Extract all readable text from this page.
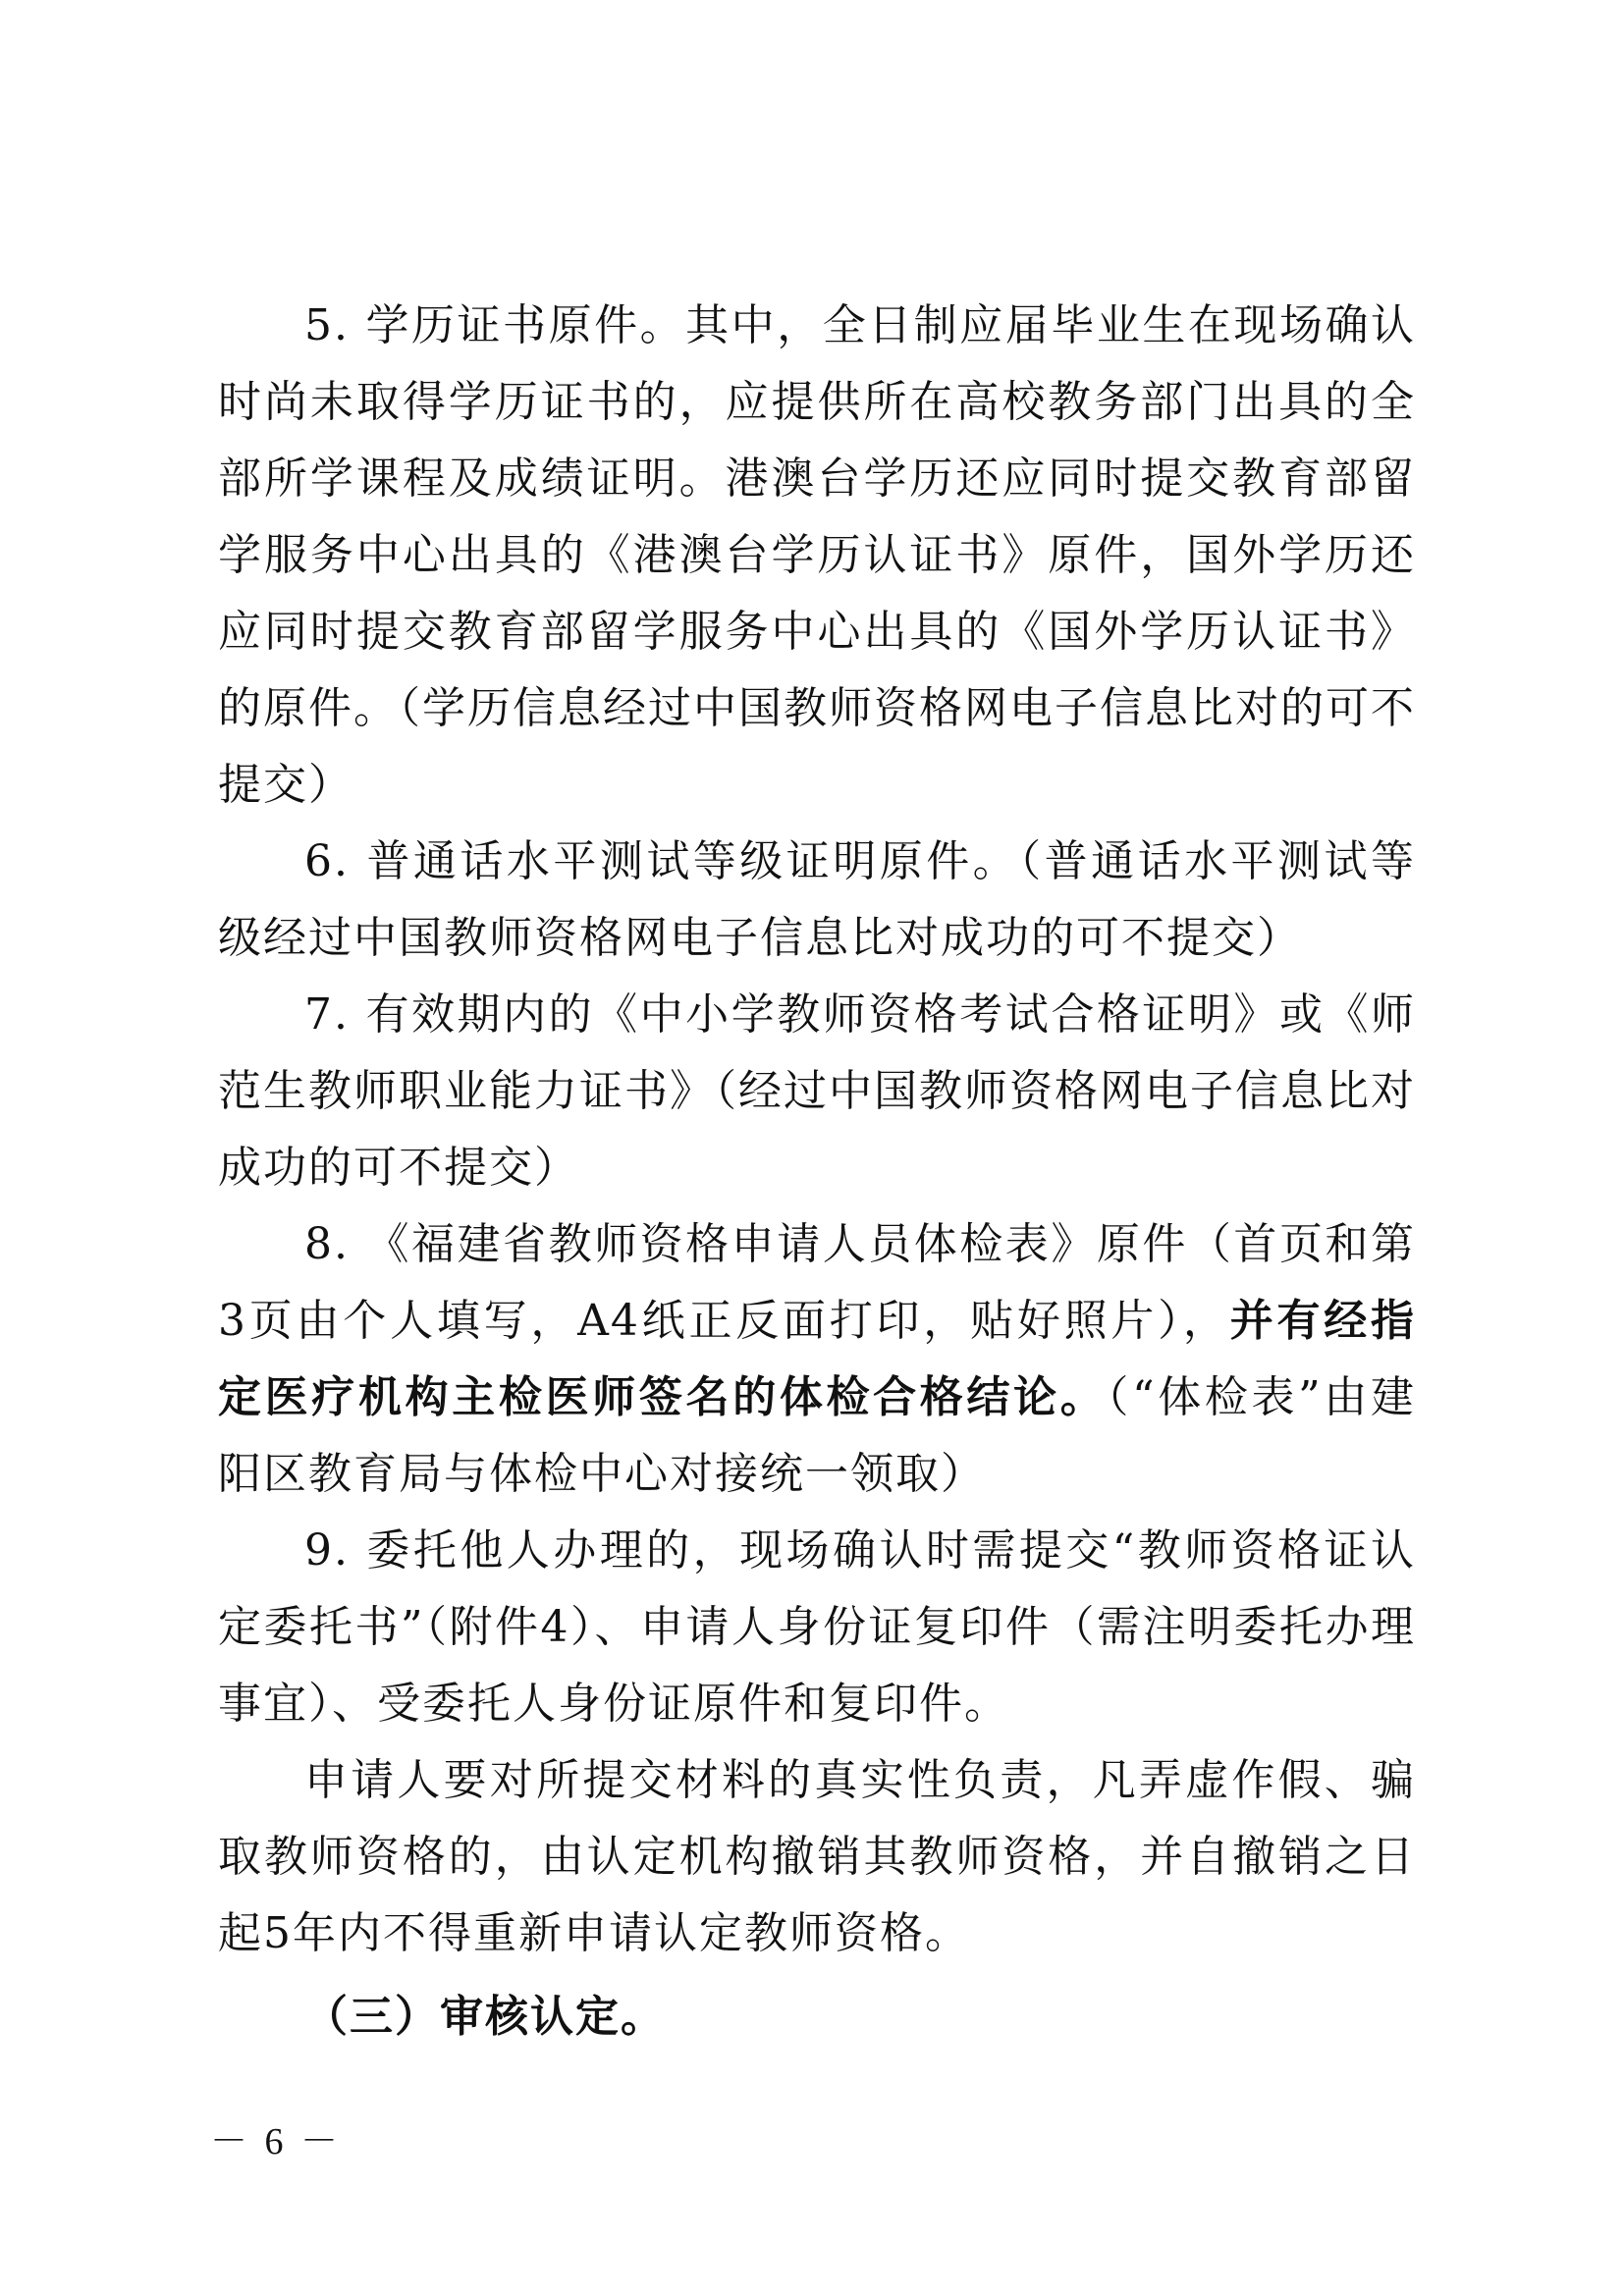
5. 学历证书原件。其中，全日制应届毕业生在现场确认时尚未取得学历证书的，应提供所在高校教务部门出具的全部所学课程及成绩证明。港澳台学历还应同时提交教育部留学服务中心出具的《港澳台学历认证书》原件，国外学历还应同时提交教育部留学服务中心出具的《国外学历认证书》的原件。（学历信息经过中国教师资格网电子信息比对的可不提交）

6. 普通话水平测试等级证明原件。（普通话水平测试等级经过中国教师资格网电子信息比对成功的可不提交）

7. 有效期内的《中小学教师资格考试合格证明》或《师范生教师职业能力证书》（经过中国教师资格网电子信息比对成功的可不提交）

8. 《福建省教师资格申请人员体检表》原件（首页和第3页由个人填写，A4纸正反面打印，贴好照片），并有经指定医疗机构主检医师签名的体检合格结论。（“体检表”由建阳区教育局与体检中心对接统一领取）

9. 委托他人办理的，现场确认时需提交“教师资格证认定委托书”（附件4）、申请人身份证复印件（需注明委托办理事宜）、受委托人身份证原件和复印件。

申请人要对所提交材料的真实性负责，凡弄虚作假、骗取教师资格的，由认定机构撤销其教师资格，并自撤销之日起5年内不得重新申请认定教师资格。

（三）审核认定。

－ 6 －
